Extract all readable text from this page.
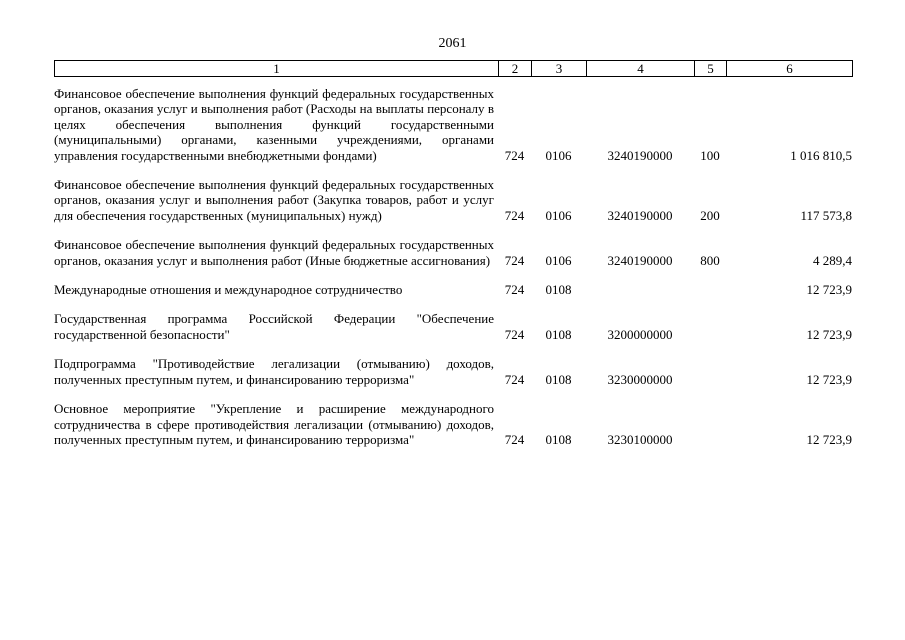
2061
1	2	3	4	5	6
Финансовое обеспечение выполнения функций федеральных государственных органов, оказания услуг и выполнения работ (Расходы на выплаты персоналу в целях обеспечения выполнения функций государственными (муниципальными) органами, казенными учреждениями, органами управления государственными внебюджетными фондами)	724	0106	3240190000	100	1 016 810,5
Финансовое обеспечение выполнения функций федеральных государственных органов, оказания услуг и выполнения работ (Закупка товаров, работ и услуг для обеспечения государственных (муниципальных) нужд)	724	0106	3240190000	200	117 573,8
Финансовое обеспечение выполнения функций федеральных государственных органов, оказания услуг и выполнения работ (Иные бюджетные ассигнования)	724	0106	3240190000	800	4 289,4
Международные отношения и международное сотрудничество	724	0108			12 723,9
Государственная программа Российской Федерации "Обеспечение государственной безопасности"	724	0108	3200000000		12 723,9
Подпрограмма "Противодействие легализации (отмыванию) доходов, полученных преступным путем, и финансированию терроризма"	724	0108	3230000000		12 723,9
Основное мероприятие "Укрепление и расширение международного сотрудничества в сфере противодействия легализации (отмыванию) доходов, полученных преступным путем, и финансированию терроризма"	724	0108	3230100000		12 723,9
